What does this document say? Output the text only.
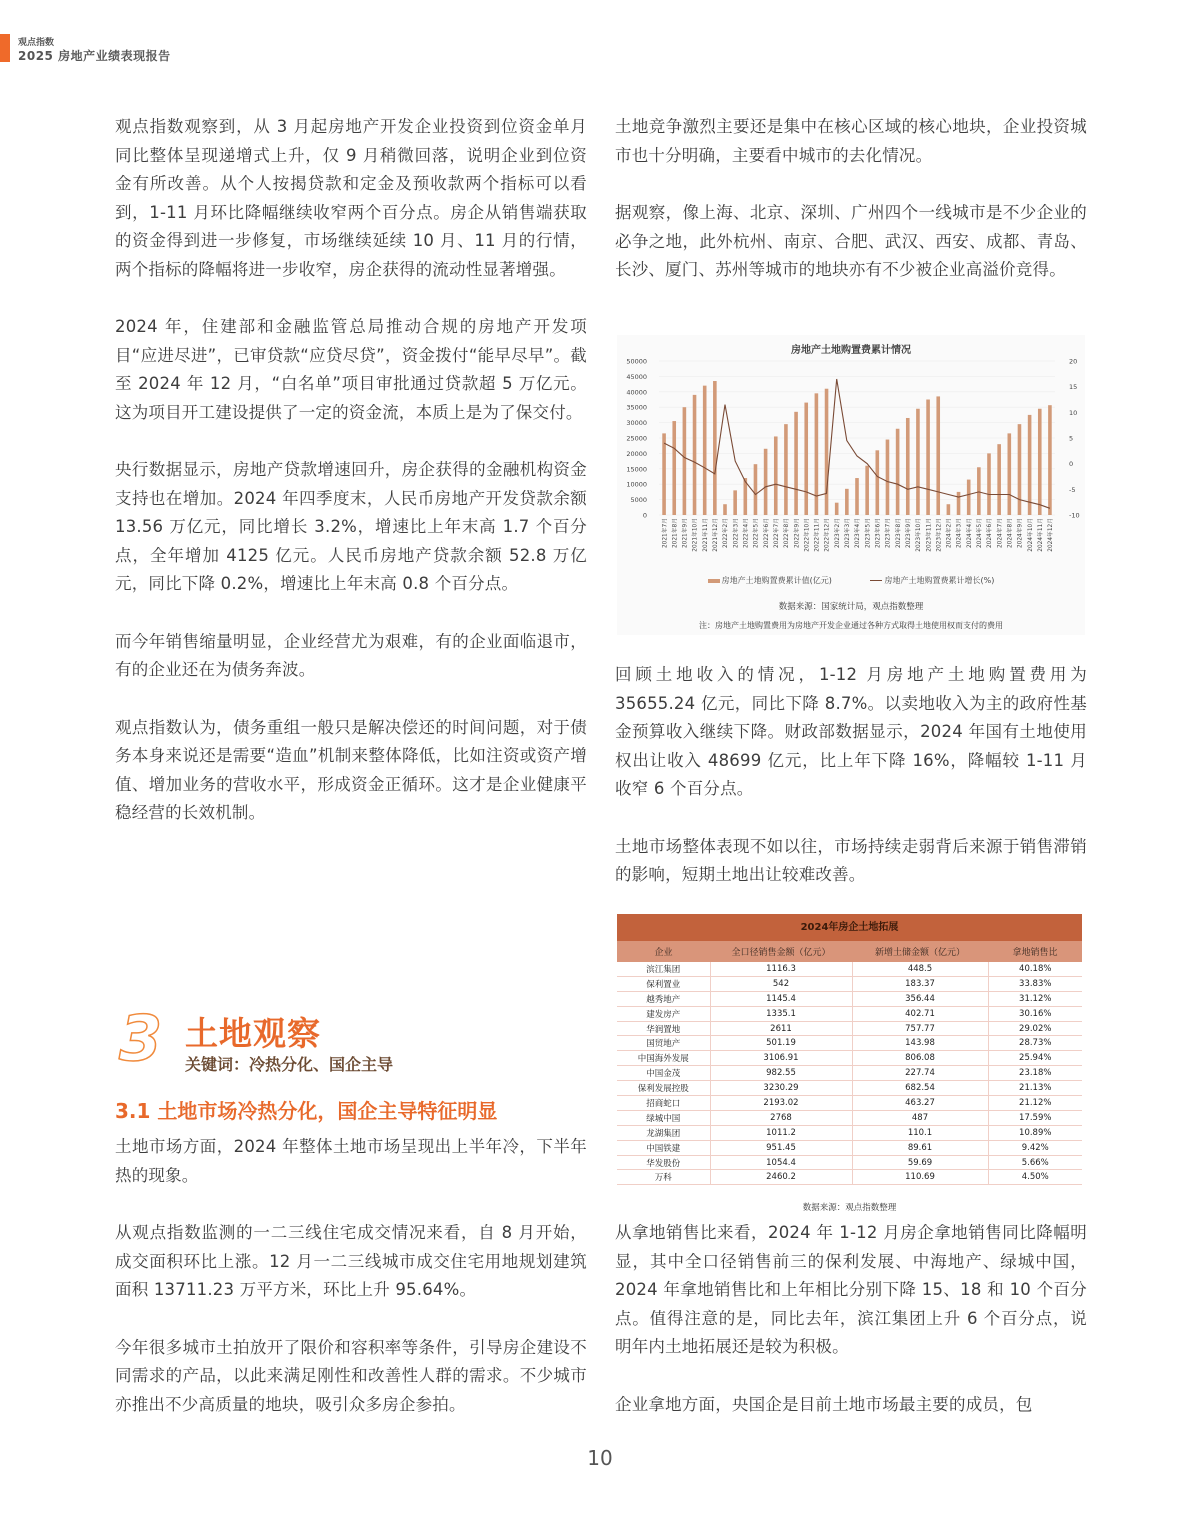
观点指数
2025 房地产业绩表现报告

观点指数观察到，从 3 月起房地产开发企业投资到位资金单月同比整体呈现递增式上升，仅 9 月稍微回落，说明企业到位资金有所改善。从个人按揭贷款和定金及预收款两个指标可以看到，1-11 月环比降幅继续收窄两个百分点。房企从销售端获取的资金得到进一步修复，市场继续延续 10 月、11 月的行情，两个指标的降幅将进一步收窄，房企获得的流动性显著增强。

2024 年，住建部和金融监管总局推动合规的房地产开发项目“应进尽进”，已审贷款“应贷尽贷”，资金拨付“能早尽早”。截至 2024 年 12 月，“白名单”项目审批通过贷款超 5 万亿元。这为项目开工建设提供了一定的资金流，本质上是为了保交付。

央行数据显示，房地产贷款增速回升，房企获得的金融机构资金支持也在增加。2024 年四季度末，人民币房地产开发贷款余额 13.56 万亿元，同比增长 3.2%，增速比上年末高 1.7 个百分点，全年增加 4125 亿元。人民币房地产贷款余额 52.8 万亿元，同比下降 0.2%，增速比上年末高 0.8 个百分点。

而今年销售缩量明显，企业经营尤为艰难，有的企业面临退市，有的企业还在为债务奔波。

观点指数认为，债务重组一般只是解决偿还的时间问题，对于债务本身来说还是需要“造血”机制来整体降低，比如注资或资产增值、增加业务的营收水平，形成资金正循环。这才是企业健康平稳经营的长效机制。

3 土地观察
关键词：冷热分化、国企主导
3.1 土地市场冷热分化，国企主导特征明显

土地市场方面，2024 年整体土地市场呈现出上半年冷，下半年热的现象。

从观点指数监测的一二三线住宅成交情况来看，自 8 月开始，成交面积环比上涨。12 月一二三线城市成交住宅用地规划建筑面积 13711.23 万平方米，环比上升 95.64%。

今年很多城市土拍放开了限价和容积率等条件，引导房企建设不同需求的产品，以此来满足刚性和改善性人群的需求。不少城市亦推出不少高质量的地块，吸引众多房企参拍。

土地竞争激烈主要还是集中在核心区域的核心地块，企业投资城市也十分明确，主要看中城市的去化情况。

据观察，像上海、北京、深圳、广州四个一线城市是不少企业的必争之地，此外杭州、南京、合肥、武汉、西安、成都、青岛、长沙、厦门、苏州等城市的地块亦有不少被企业高溢价竞得。

房地产土地购置费累计情况
0
5000
10000
15000
20000
25000
30000
35000
40000
45000
50000
-10
-5
0
5
10
15
20
2021年7月 2021年8月 2021年9月 2021年10月 2021年11月 2021年12月 2022年2月 2022年3月 2022年4月 2022年5月 2022年6月 2022年7月 2022年8月 2022年9月 2022年10月 2022年11月 2022年12月 2023年2月 2023年3月 2023年4月 2023年5月 2023年6月 2023年7月 2023年8月 2023年9月 2023年10月 2023年11月 2023年12月 2024年2月 2024年3月 2024年4月 2024年5月 2024年6月 2024年7月 2024年8月 2024年9月 2024年10月 2024年11月 2024年12月
房地产土地购置费累计值(亿元)	房地产土地购置费累计增长(%)
数据来源：国家统计局，观点指数整理
注：房地产土地购置费用为房地产开发企业通过各种方式取得土地使用权而支付的费用

回顾土地收入的情况，1-12 月房地产土地购置费用为 35655.24 亿元，同比下降 8.7%。以卖地收入为主的政府性基金预算收入继续下降。财政部数据显示，2024 年国有土地使用权出让收入 48699 亿元，比上年下降 16%，降幅较 1-11 月收窄 6 个百分点。

土地市场整体表现不如以往，市场持续走弱背后来源于销售滞销的影响，短期土地出让较难改善。

2024年房企土地拓展
企业	全口径销售金额（亿元）	新增土储金额（亿元）	拿地销售比
滨江集团	1116.3	448.5	40.18%
保利置业	542	183.37	33.83%
越秀地产	1145.4	356.44	31.12%
建发房产	1335.1	402.71	30.16%
华润置地	2611	757.77	29.02%
国贸地产	501.19	143.98	28.73%
中国海外发展	3106.91	806.08	25.94%
中国金茂	982.55	227.74	23.18%
保利发展控股	3230.29	682.54	21.13%
招商蛇口	2193.02	463.27	21.12%
绿城中国	2768	487	17.59%
龙湖集团	1011.2	110.1	10.89%
中国铁建	951.45	89.61	9.42%
华发股份	1054.4	59.69	5.66%
万科	2460.2	110.69	4.50%
数据来源：观点指数整理

从拿地销售比来看，2024 年 1-12 月房企拿地销售同比降幅明显，其中全口径销售前三的保利发展、中海地产、绿城中国，2024 年拿地销售比和上年相比分别下降 15、18 和 10 个百分点。值得注意的是，同比去年，滨江集团上升 6 个百分点，说明年内土地拓展还是较为积极。

企业拿地方面，央国企是目前土地市场最主要的成员，包

10
